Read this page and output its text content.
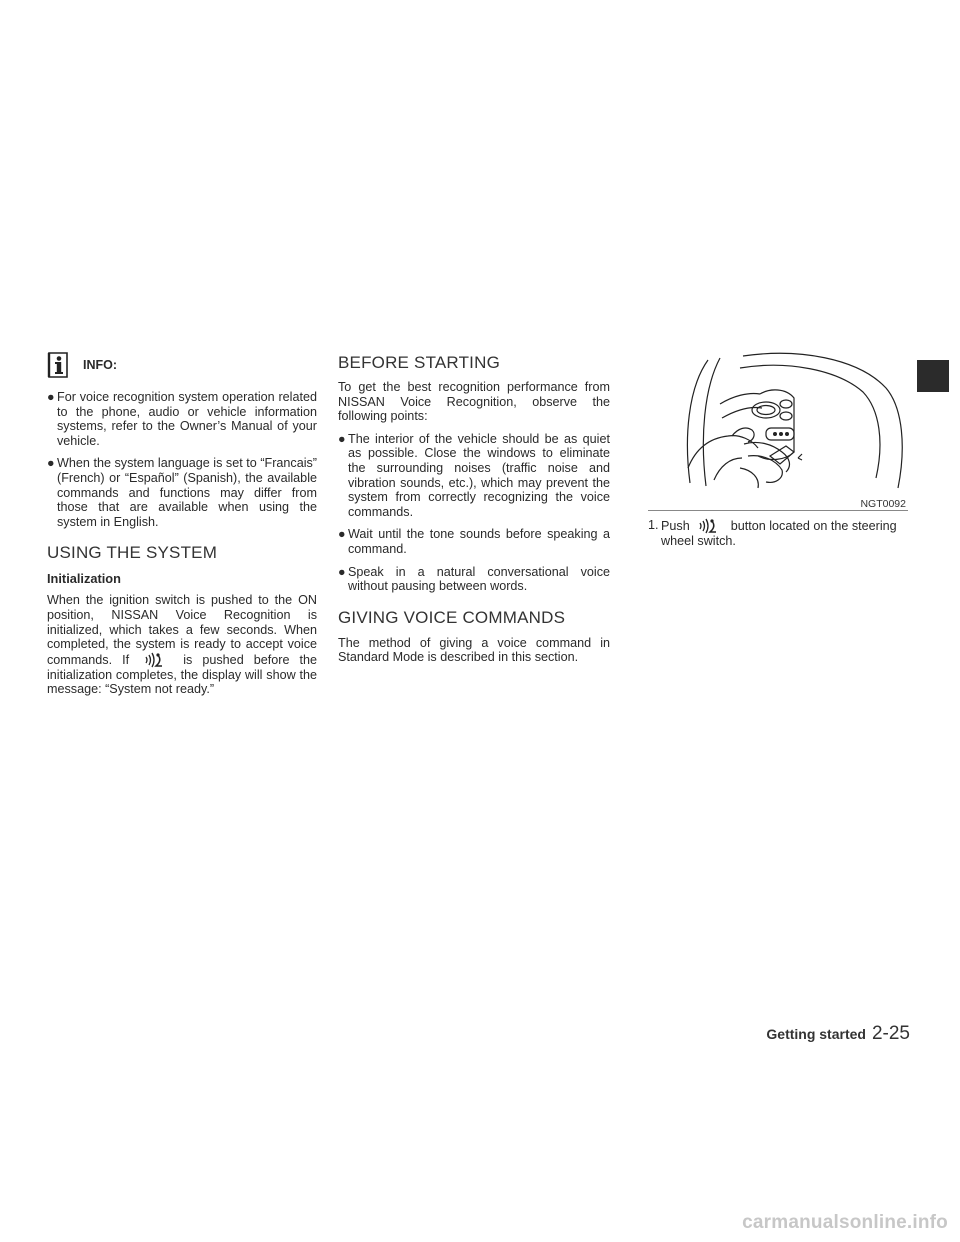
INFO:
● For voice recognition system operation related to the phone, audio or vehicle information systems, refer to the Owner’s Manual of your vehicle.

● When the system language is set to “Francais” (French) or “Español” (Spanish), the available commands and functions may differ from those that are available when using the system in English.

USING THE SYSTEM
Initialization

When the ignition switch is pushed to the ON position, NISSAN Voice Recognition is initialized, which takes a few seconds. When completed, the system is ready to accept voice commands. If	is pushed before the initialization completes, the display will show the message: “System not ready.”

BEFORE STARTING

To get the best recognition performance from NISSAN Voice Recognition, observe the following points:

● The interior of the vehicle should be as quiet as possible. Close the windows to eliminate the surrounding noises (traffic noise and vibration sounds, etc.), which may prevent the system from correctly recognizing the voice commands.

● Wait until the tone sounds before speaking a command.

● Speak in a natural conversational voice without pausing between words.

GIVING VOICE COMMANDS

The method of giving a voice command in Standard Mode is described in this section.

NGT0092
1. Push	button located on the steering wheel switch.
Getting started 2-25
carmanualsonline.info
